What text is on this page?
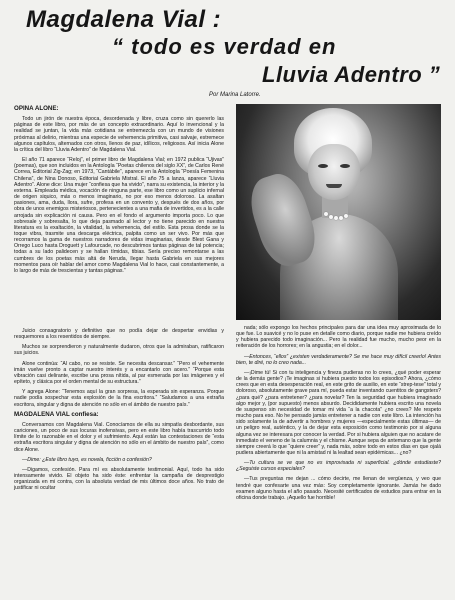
Magdalena Vial :
“ todo es verdad en
Lluvia Adentro ”
Por Marina Latorre.
OPINA ALONE:

Todo un jirón de nuestra época, desordenada y libre, cruza como sin quererlo las páginas de este libro, por más de un concepto extraordinario. Aquí lo invencional y la realidad se juntan, la vida más cotidiana se entremezcla con un mundo de visiones próximas al delirio, mientras una especie de vehemencia primitiva, casi salvaje, estremece algunos capítulos, alternados con otros, llenos de paz, idílicos, religiosos. Así inicia Alone la crítica del libro “Lluvia Adentro” de Magdalena Vial.

El año 71 aparece “Reloj”, el primer libro de Magdalena Vial; en 1972 publica “Ujivas” (poemas), que son incluidos en la Antología “Poetas chilenos del siglo XX”, de Carlos René Correa, Editorial Zig-Zag; en 1973, “Cantábile”, aparece en la Antología “Poesía Femenina Chilena”, de Nina Donoso, Editorial Gabriela Mistral. El año 75 a lanza, aparece “Lluvia Adentro”. Alone dice: Una mujer “confiesa que ha vivido”, narra su existencia, la interior y la externa. Empleada médica, vocación de ninguna parte, ese libro como un suplicio infernal de origen siquico, más o menos imaginario, no por eso menos doloroso. La asaltan pasiones, ama, duda, llora, sufre, profesa en un convento y, después de dos años, por obra de unos enemigos misteriosos, pertenecientes a una mafia de invertidos, es a la calle arrojada sin explicación ni causa. Pero en el fondo el argumento importa poco. Lo que sobresale y sobresalta, lo que deja pasmado al lector y no tiene parecido en nuestra literatura es la exaltación, la vitalidad, la vehemencia, del estilo. Esta prosa donde se la toque vibra, trasmite una descarga eléctrica, palpita como un ser vivo. Por más que recorramos la gama de nuestros narradores de vidas imaginarias, desde Blest Gana y Orrego Luco hasta Droguett y Lafourcade, no descubrimos tantas páginas de tal potencia; todas a su lado palidecen y se hallan tímidas, tibias. Sería preciso remontarse a las cumbres de los poetas más altá de Neruda, llegar hasta Gabriela en sus mejores momentos para oír hablar del amor como Magdalena Vial lo hace, casi constantemente, a lo largo de más de trescientas y tantas páginas.”

Juicio consagratorio y definitivo que no podía dejar de despertar envidias y resquemores a los resentidos de siempre.

Muchos se sorprendieron y naturalmente dudaron, otros que la admiraban, ratificaron sus juicios.

Alone continúa: “Al cabo, no se resiste. Se necesita descansar.” “Pero el vehemente imán vuelve pronto a captar nuestro interés y a encantarlo con acero.” “Porque esta vibración casi delirante, escribe una prosa nítida, al par esmerada por las imágenes y el epíteto, y clásica por el orden mental de su estructura.”

Y agrega Alone: “Tenemos aquí la gran sorpresa, la esperada sin esperanza. Porque nadie podía sospechar esta explosión de la fina escritora.” “Saludamos a una extraña escritora, singular y digna de atención no sólo en el ámbito de nuestro país.”

MAGDALENA VIAL confiesa:

Conversamos con Magdalena Vial. Conocíamos de ella su simpatía desbordante, sus cariciones, un poco de sus locuras inofensivas, pero en este libro había trascurrido todo límite de lo razonable en el dolor y el sufrimiento. Aquí están las contestaciones de “esta extraña escritora singular y digna de atención no sólo en el ámbito de nuestro país”, como dice Alone.

—Dime: ¿Este libro tuyo, es novela, ficción o confesión?

—Digamos, confesión. Para mí es absolutamente testimonial. Aquí, todo ha sido intensamente vivido. El objeto ha sido éste: enfrentar la campaña de desprestigio organizada en mi contra, con la absoluta verdad de mis últimos doce años. No trato de justificar ni ocultar

nada; sólo expongo los hechos principales para dar una idea muy aproximada de lo que fue. Lo suavicé y no lo puse en detalle como diario, porque nadie me hubiera creído y hubiera parecido todo imaginación... Pero la realidad fue mucho, mucho peor en la reiteración de los horrores; en la angustia; en el dolor...

—Entonces, “ellos” ¿existen verdaderamente? Se me hace muy difícil creerlo! Antes bien, te diré, no lo creo nada...

—¡Dime tú! Si con tu inteligencia y fineza pudieras no lo crees, ¿qué poder esperar de la demás gente? ¡Te imaginas si hubiera puesto todos los episodios? Ahora, ¿cómo crees que en esta desesperación real, en este grito de auxilio, en este “strep-tese” total y doloroso, absolutamente grave para mí, pueda estar inventando cuentitos de gangsters? ¿para qué? ¿para entretener? ¿para novelar? Ten la seguridad que hubiera imaginado algo mejor y, (por supuesto) menos absurdo. Decididamente hubiera escrito una novela de suspenso sin necesidad de tomar mi vida “a la chacota” ¿no crees? Me respeto mucho para eso. No he pensado jamás entretener a nadie con este libro. La intención ha sido solamente la de advertir a hombres y mujeres —especialmente estas últimas— de un peligro real, auténtico, y la de dejar esta exposición como testimonio por si alguna alguna vez se interesara por conocer la verdad. Por si hubiera alguien que no acatare de inmediato el veneno de la calumnia y el chisme. Aunque sepa de antemano que la gente siempre creerá lo que “quiere creer” y, nada más, sobre todo en estos días en que ojalá pudiera abiertamente que ni la amistad ni la lealtad sean epidémicas... ¿no?

—Tu cultura se ve que no es improvisada ni superficial. ¿dónde estudiaste? ¿Seguiste cursos especiales?

—Tus preguntas me dejan ... cómo decirte, me llenan de vergüenza, y veo que tendré que confesarte una vez más: Soy completamente ignorante. Jamás he dado examen alguno hasta el año pasado. Necesité certificados de estudios para entrar en la oficina donde trabajo. ¡Aquello fue horrible!
